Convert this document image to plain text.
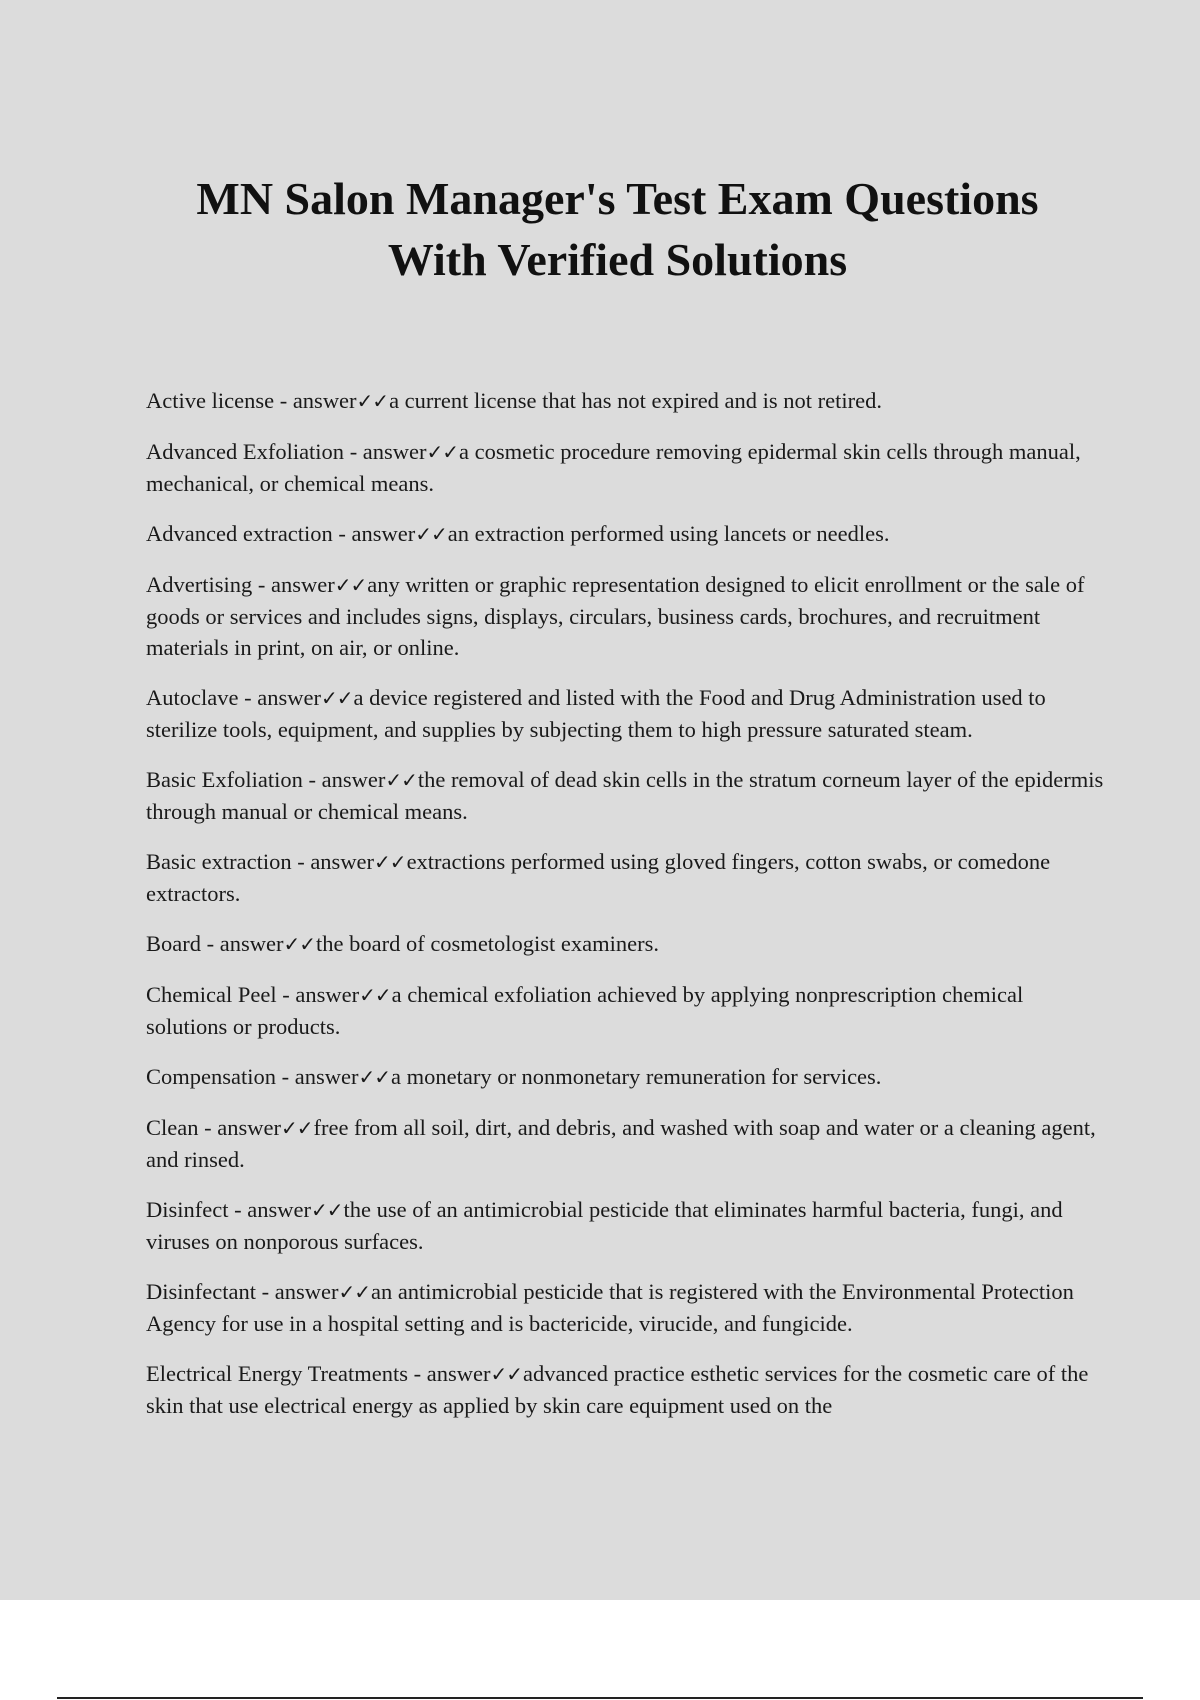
MN Salon Manager's Test Exam Questions
With Verified Solutions

Active license - answer✓✓a current license that has not expired and is not retired.

Advanced Exfoliation - answer✓✓a cosmetic procedure removing epidermal skin cells through manual, mechanical, or chemical means.

Advanced extraction - answer✓✓an extraction performed using lancets or needles.

Advertising - answer✓✓any written or graphic representation designed to elicit enrollment or the sale of goods or services and includes signs, displays, circulars, business cards, brochures, and recruitment materials in print, on air, or online.

Autoclave - answer✓✓a device registered and listed with the Food and Drug Administration used to sterilize tools, equipment, and supplies by subjecting them to high pressure saturated steam.

Basic Exfoliation - answer✓✓the removal of dead skin cells in the stratum corneum layer of the epidermis through manual or chemical means.

Basic extraction - answer✓✓extractions performed using gloved fingers, cotton swabs, or comedone extractors.

Board - answer✓✓the board of cosmetologist examiners.

Chemical Peel - answer✓✓a chemical exfoliation achieved by applying nonprescription chemical solutions or products.

Compensation - answer✓✓a monetary or nonmonetary remuneration for services.

Clean - answer✓✓free from all soil, dirt, and debris, and washed with soap and water or a cleaning agent, and rinsed.

Disinfect - answer✓✓the use of an antimicrobial pesticide that eliminates harmful bacteria, fungi, and viruses on nonporous surfaces.

Disinfectant - answer✓✓an antimicrobial pesticide that is registered with the Environmental Protection Agency for use in a hospital setting and is bactericide, virucide, and fungicide.

Electrical Energy Treatments - answer✓✓advanced practice esthetic services for the cosmetic care of the skin that use electrical energy as applied by skin care equipment used on the
